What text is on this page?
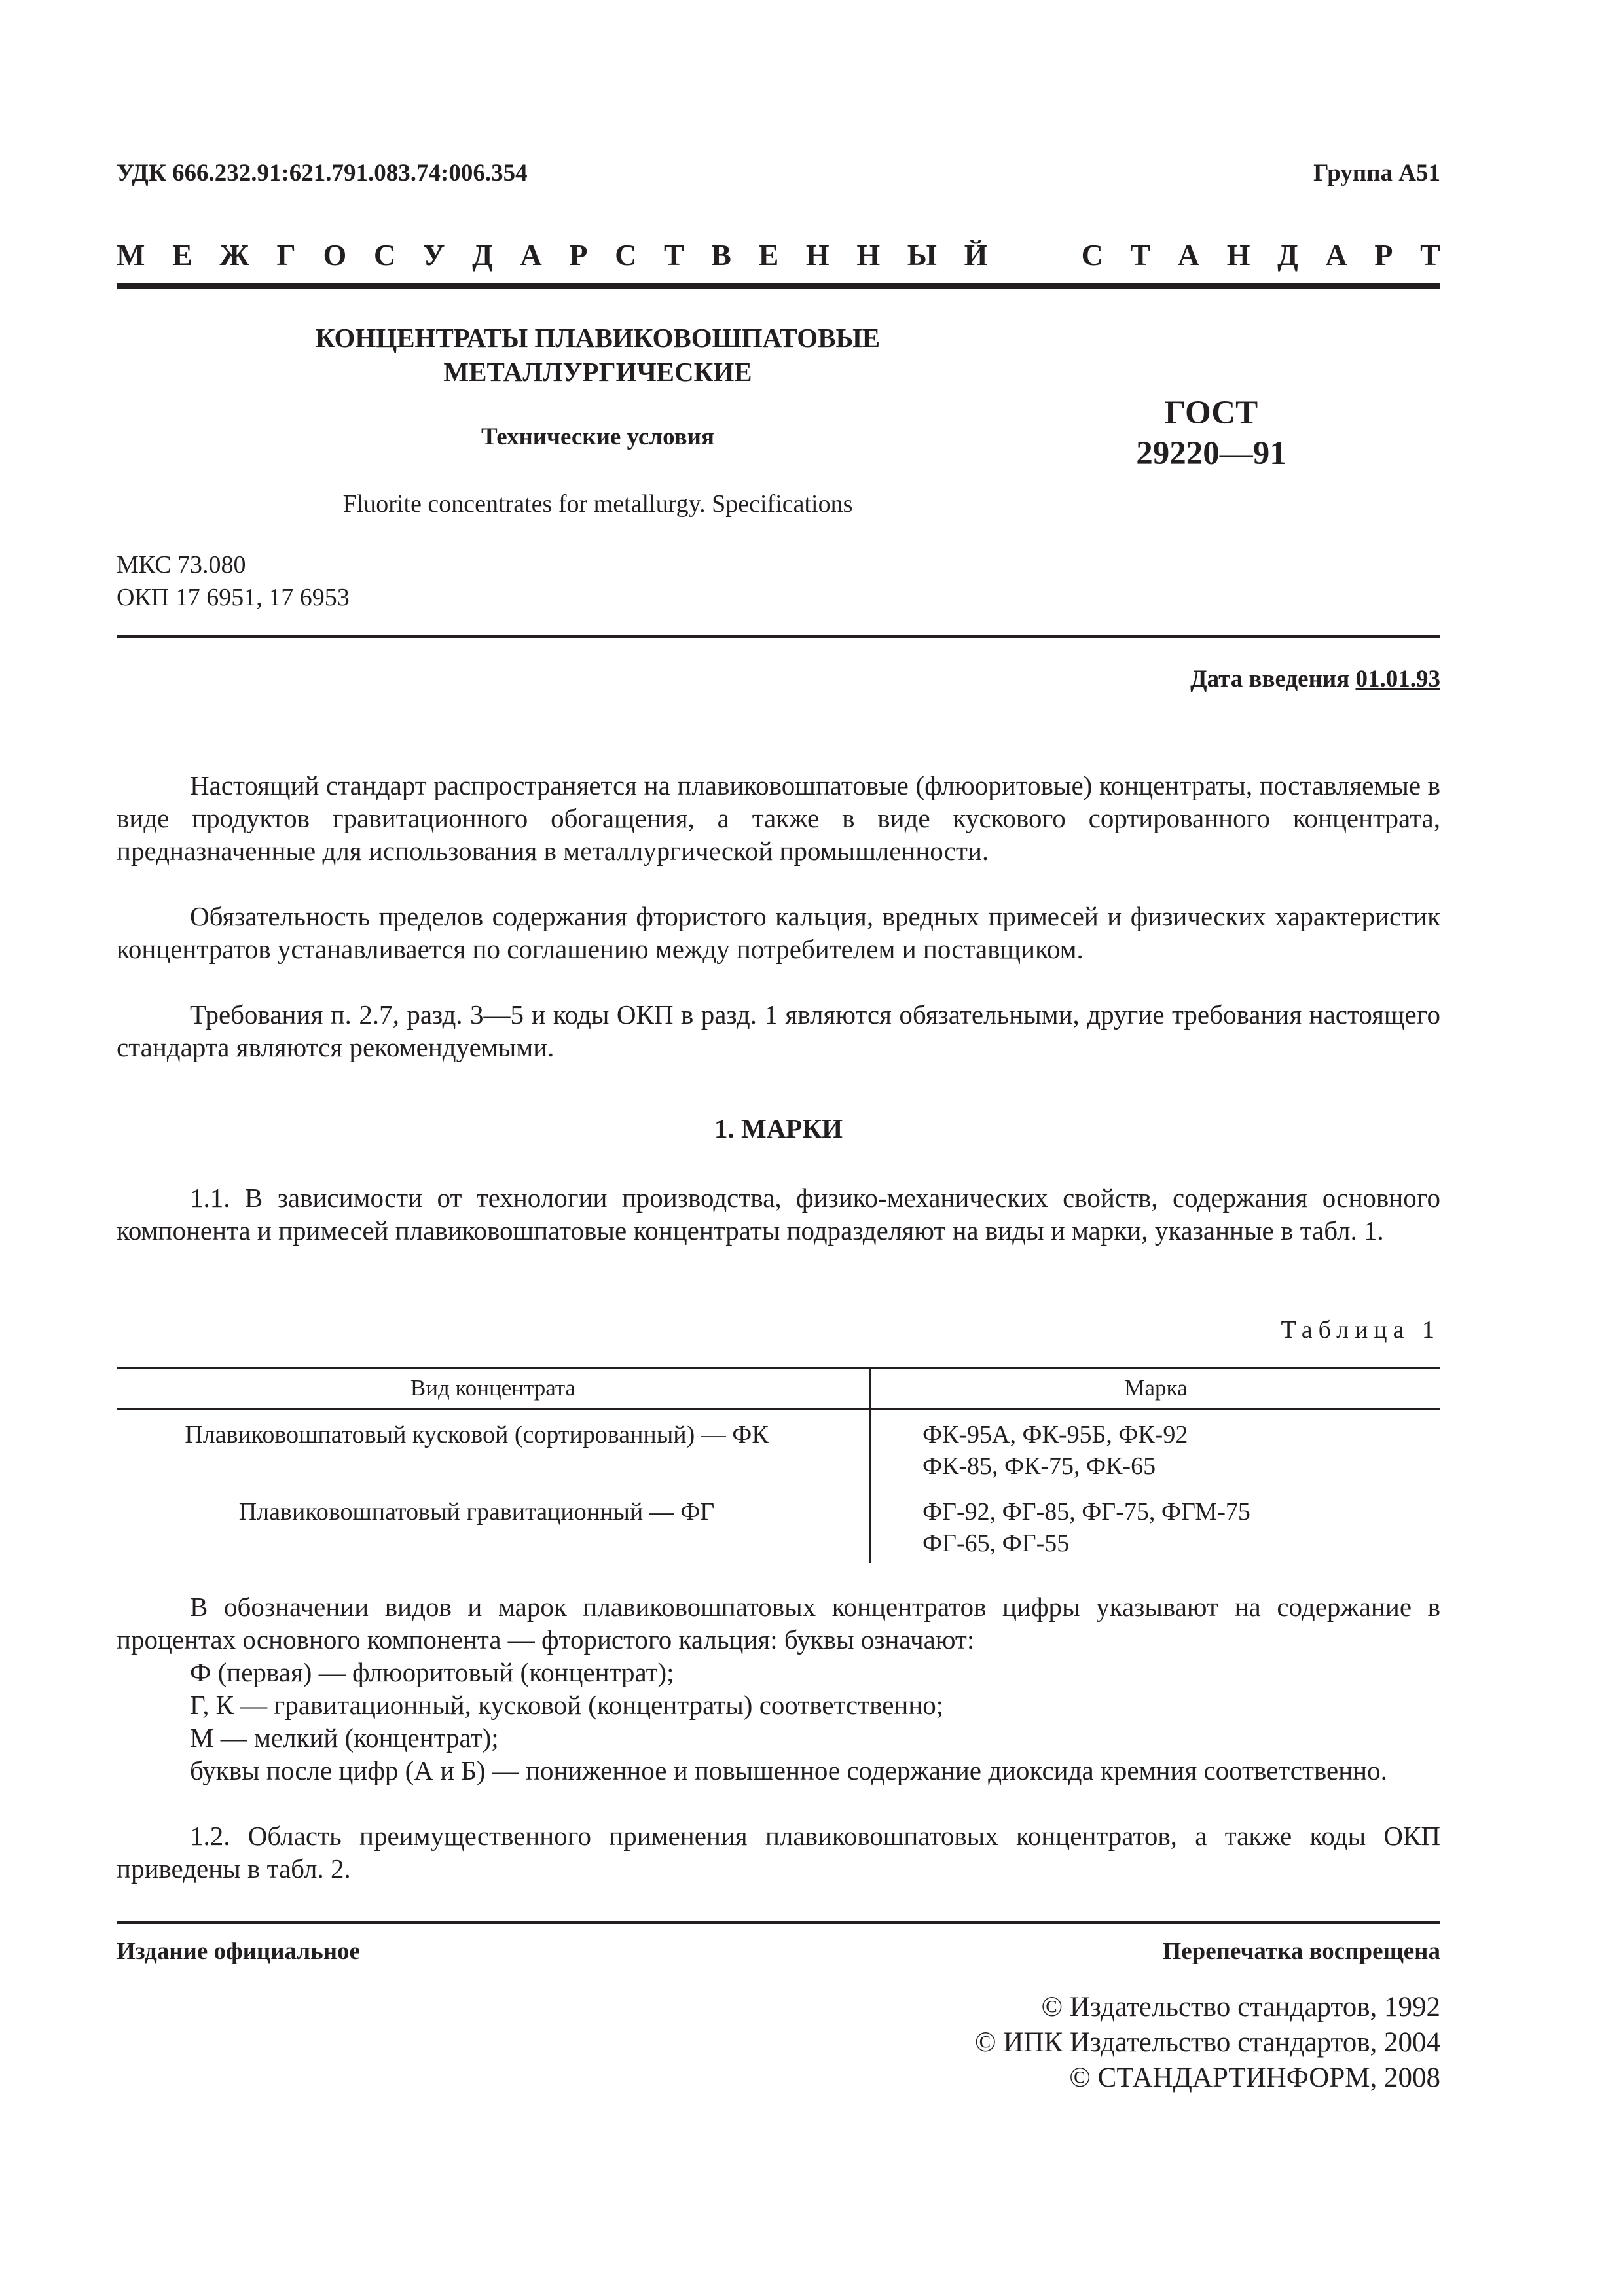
УДК 666.232.91:621.791.083.74:006.354	Группа А51
М Е Ж Г О С У Д А Р С Т В Е Н Н Ы Й	С Т А Н Д А Р Т
КОНЦЕНТРАТЫ ПЛАВИКОВОШПАТОВЫЕ
МЕТАЛЛУРГИЧЕСКИЕ
Технические условия
ГОСТ
29220—91
Fluorite concentrates for metallurgy. Specifications
МКС 73.080
ОКП 17 6951, 17 6953
Дата введения 01.01.93
Настоящий стандарт распространяется на плавиковошпатовые (флюоритовые) концентраты, поставляемые в виде продуктов гравитационного обогащения, а также в виде кускового сортированного концентрата, предназначенные для использования в металлургической промышленности.
Обязательность пределов содержания фтористого кальция, вредных примесей и физических характеристик концентратов устанавливается по соглашению между потребителем и поставщиком.
Требования п. 2.7, разд. 3—5 и коды ОКП в разд. 1 являются обязательными, другие требования настоящего стандарта являются рекомендуемыми.
1. МАРКИ
1.1. В зависимости от технологии производства, физико-механических свойств, содержания основного компонента и примесей плавиковошпатовые концентраты подразделяют на виды и марки, указанные в табл. 1.
Таблица 1
Вид концентрата	Марка
Плавиковошпатовый кусковой (сортированный) — ФК	ФК-95А, ФК-95Б, ФК-92
ФК-85, ФК-75, ФК-65

Плавиковошпатовый гравитационный — ФГ	ФГ-92, ФГ-85, ФГ-75, ФГМ-75
ФГ-65, ФГ-55
В обозначении видов и марок плавиковошпатовых концентратов цифры указывают на содержание в процентах основного компонента — фтористого кальция: буквы означают:
Ф (первая) — флюоритовый (концентрат);
Г, К — гравитационный, кусковой (концентраты) соответственно;
М — мелкий (концентрат);
буквы после цифр (А и Б) — пониженное и повышенное содержание диоксида кремния соответственно.
1.2. Область преимущественного применения плавиковошпатовых концентратов, а также коды ОКП приведены в табл. 2.
Издание официальное	Перепечатка воспрещена
© Издательство стандартов, 1992
© ИПК Издательство стандартов, 2004
© СТАНДАРТИНФОРМ, 2008
